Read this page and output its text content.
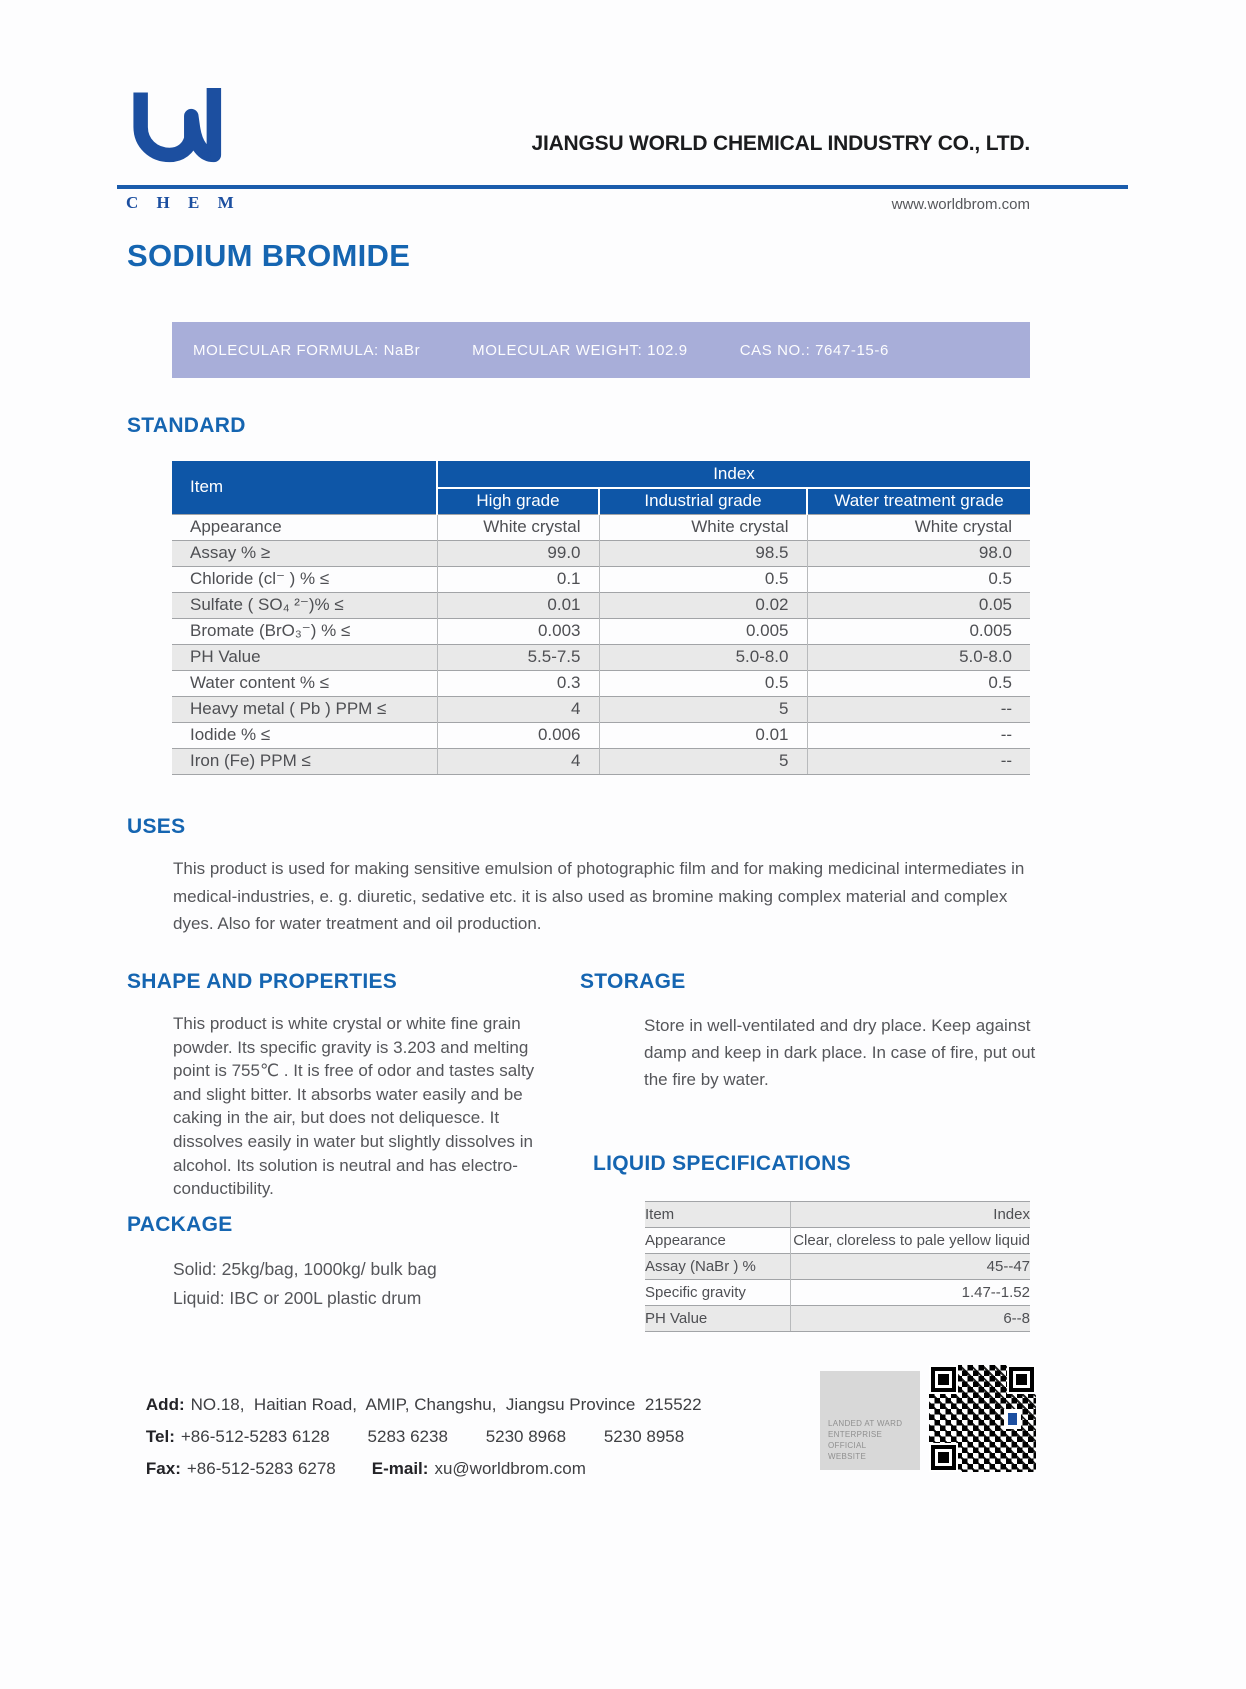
®
C H E M
JIANGSU WORLD CHEMICAL INDUSTRY CO., LTD.
www.worldbrom.com
SODIUM BROMIDE
MOLECULAR FORMULA: NaBr	MOLECULAR WEIGHT: 102.9	CAS NO.: 7647-15-6
STANDARD
Item	Index		
	High grade	Industrial grade	Water treatment grade
Appearance	White crystal	White crystal	White crystal
Assay % ≥	99.0	98.5	98.0
Chloride (cl⁻ ) % ≤	0.1	0.5	0.5
Sulfate ( SO₄ ²⁻)% ≤	0.01	0.02	0.05
Bromate (BrO₃⁻) % ≤	0.003	0.005	0.005
PH Value	5.5-7.5	5.0-8.0	5.0-8.0
Water content % ≤	0.3	0.5	0.5
Heavy metal ( Pb ) PPM ≤	4	5	--
Iodide % ≤	0.006	0.01	--
Iron (Fe) PPM ≤	4	5	--
USES
This product is used for making sensitive emulsion of photographic film and for making medicinal intermediates in medical-industries, e. g. diuretic, sedative etc. it is also used as bromine making complex material and complex dyes. Also for water treatment and oil production.
SHAPE AND PROPERTIES
This product is white crystal or white fine grain powder. Its specific gravity is 3.203 and melting point is 755℃ . It is free of odor and tastes salty and slight bitter. It absorbs water easily and be caking in the air, but does not deliquesce. It dissolves easily in water but slightly dissolves in alcohol. Its solution is neutral and has electro-conductibility.
STORAGE
Store in well-ventilated and dry place. Keep against damp and keep in dark place. In case of fire, put out the fire by water.
PACKAGE
Solid: 25kg/bag, 1000kg/ bulk bag
Liquid: IBC or 200L plastic drum
LIQUID SPECIFICATIONS
Item	Index
Appearance	Clear, cloreless to pale yellow liquid
Assay (NaBr ) %	45--47
Specific gravity	1.47--1.52
PH Value	6--8

Add: NO.18,  Haitian Road,  AMIP, Changshu,  Jiangsu Province  215522

Tel: +86-512-5283 6128        5283 6238        5230 8968        5230 8958

Fax: +86-512-5283 6278 E-mail: xu@worldbrom.com

LANDED AT WARD
ENTERPRISE OFFICIAL
WEBSITE
